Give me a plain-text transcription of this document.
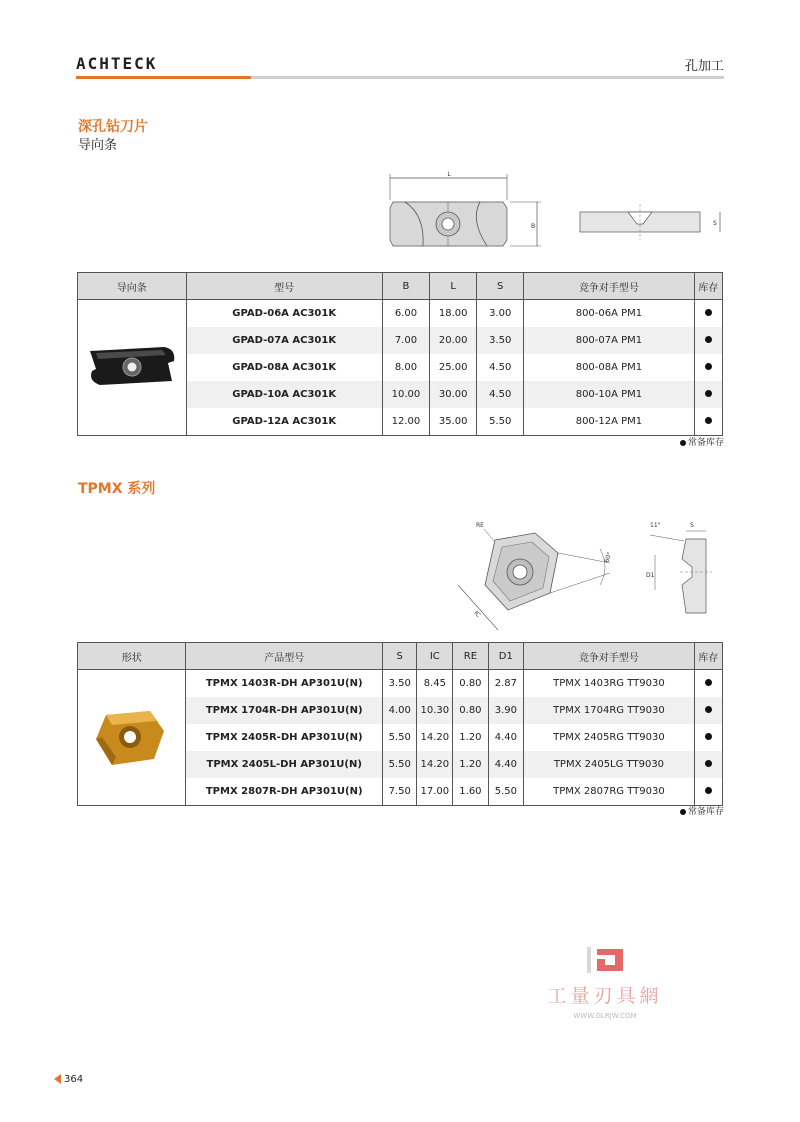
ACHTECK	孔加工
深孔钻刀片
导向条
L
B	S
导向条	型号	B	L	S	竞争对手型号	库存
	GPAD-06A AC301K	6.00	18.00	3.00	800-06A PM1	
	GPAD-07A AC301K	7.00	20.00	3.50	800-07A PM1	
	GPAD-08A AC301K	8.00	25.00	4.50	800-08A PM1	
	GPAD-10A AC301K	10.00	30.00	4.50	800-10A PM1	
	GPAD-12A AC301K	12.00	35.00	5.50	800-12A PM1	
常备库存
TPMX 系列
RE
IC
60°
11°	S
D1
形状	产品型号	S	IC	RE	D1	竞争对手型号	库存
	TPMX 1403R-DH AP301U(N)	3.50	8.45	0.80	2.87	TPMX 1403RG TT9030	
	TPMX 1704R-DH AP301U(N)	4.00	10.30	0.80	3.90	TPMX 1704RG TT9030	
	TPMX 2405R-DH AP301U(N)	5.50	14.20	1.20	4.40	TPMX 2405RG TT9030	
	TPMX 2405L-DH AP301U(N)	5.50	14.20	1.20	4.40	TPMX 2405LG TT9030	
	TPMX 2807R-DH AP301U(N)	7.50	17.00	1.60	5.50	TPMX 2807RG TT9030	
常备库存
工量刃具網
WWW.GLRJW.COM
364
